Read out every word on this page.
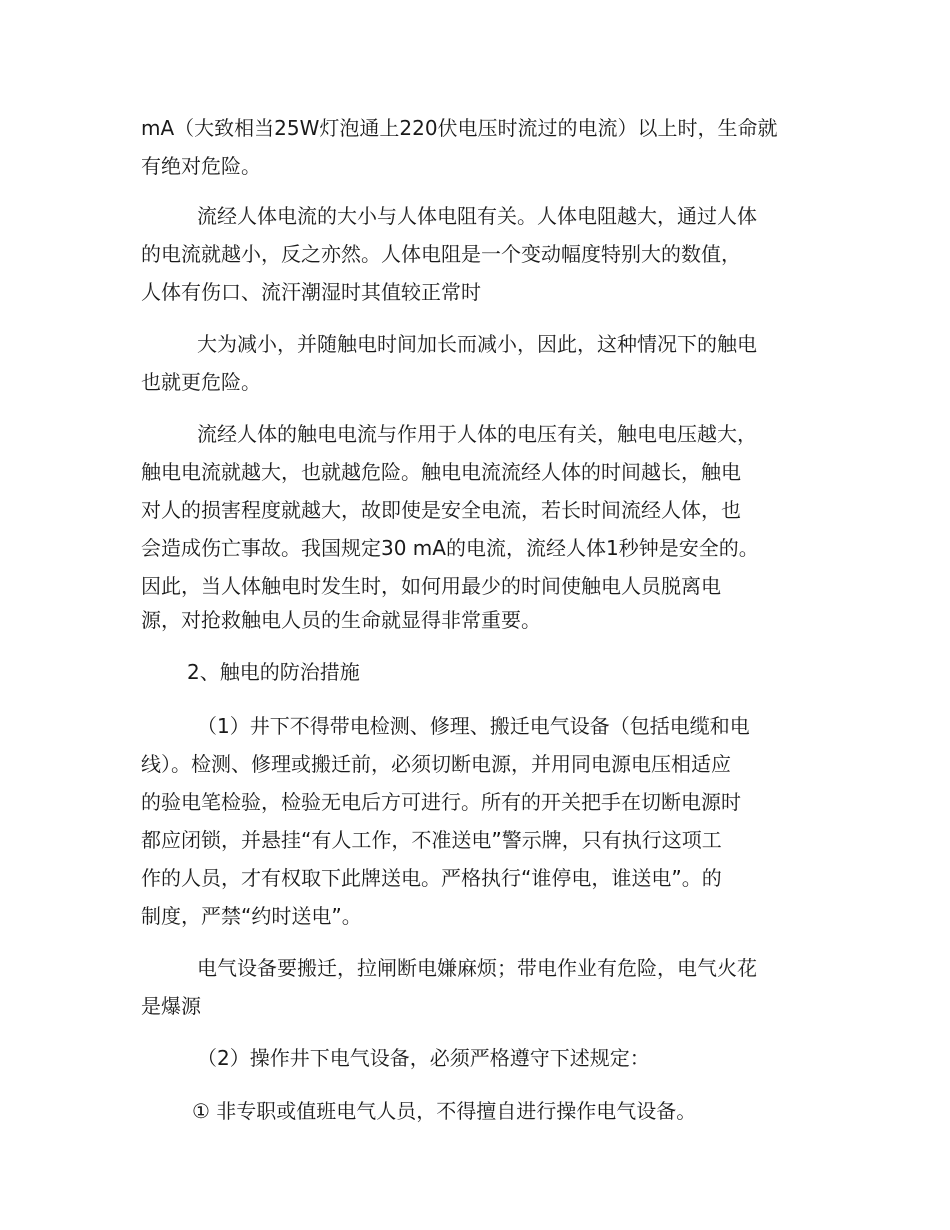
mA（大致相当25W灯泡通上220伏电压时流过的电流）以上时，生命就
有绝对危险。
流经人体电流的大小与人体电阻有关。人体电阻越大，通过人体
的电流就越小，反之亦然。人体电阻是一个变动幅度特别大的数值，
人体有伤口、流汗潮湿时其值较正常时
大为减小，并随触电时间加长而减小，因此，这种情况下的触电
也就更危险。
流经人体的触电电流与作用于人体的电压有关，触电电压越大，
触电电流就越大，也就越危险。触电电流流经人体的时间越长，触电
对人的损害程度就越大，故即使是安全电流，若长时间流经人体，也
会造成伤亡事故。我国规定30 mA的电流，流经人体1秒钟是安全的。
因此，当人体触电时发生时，如何用最少的时间使触电人员脱离电
源，对抢救触电人员的生命就显得非常重要。
2、触电的防治措施
（1）井下不得带电检测、修理、搬迁电气设备（包括电缆和电
线）。检测、修理或搬迁前，必须切断电源，并用同电源电压相适应
的验电笔检验，检验无电后方可进行。所有的开关把手在切断电源时
都应闭锁，并悬挂“有人工作，不准送电”警示牌，只有执行这项工
作的人员，才有权取下此牌送电。严格执行“谁停电，谁送电”。的
制度，严禁“约时送电”。
电气设备要搬迁，拉闸断电嫌麻烦；带电作业有危险，电气火花
是爆源
（2）操作井下电气设备，必须严格遵守下述规定：
① 非专职或值班电气人员，不得擅自进行操作电气设备。
